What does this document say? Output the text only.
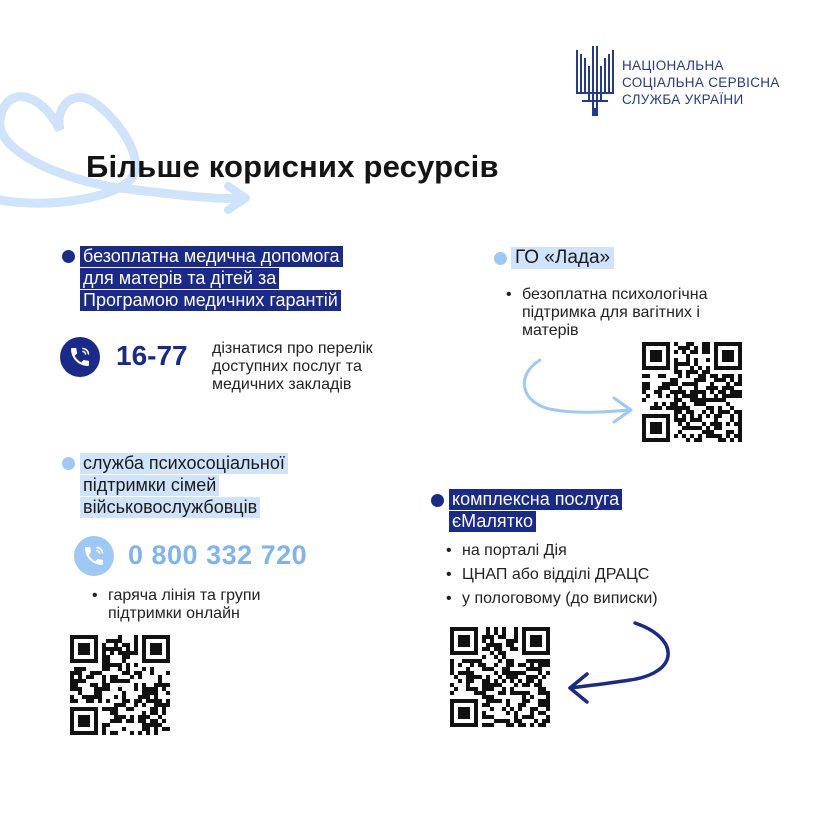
НАЦІОНАЛЬНА
СОЦІАЛЬНА СЕРВІСНА
СЛУЖБА УКРАЇНИ
Більше корисних ресурсів
безоплатна медична допомога
для матерів та дітей за
Програмою медичних гарантій
16-77 дізнатися про перелік
доступних послуг та
медичних закладів
ГО «Лада»
• безоплатна психологічна
підтримка для вагітних і
матерів
служба психосоціальної
підтримки сімей
військовослужбовців
0 800 332 720
• гаряча лінія та групи
підтримки онлайн
комплексна послуга
єМалятко
• на порталі Дія
• ЦНАП або відділі ДРАЦС
• у пологовому (до виписки)
